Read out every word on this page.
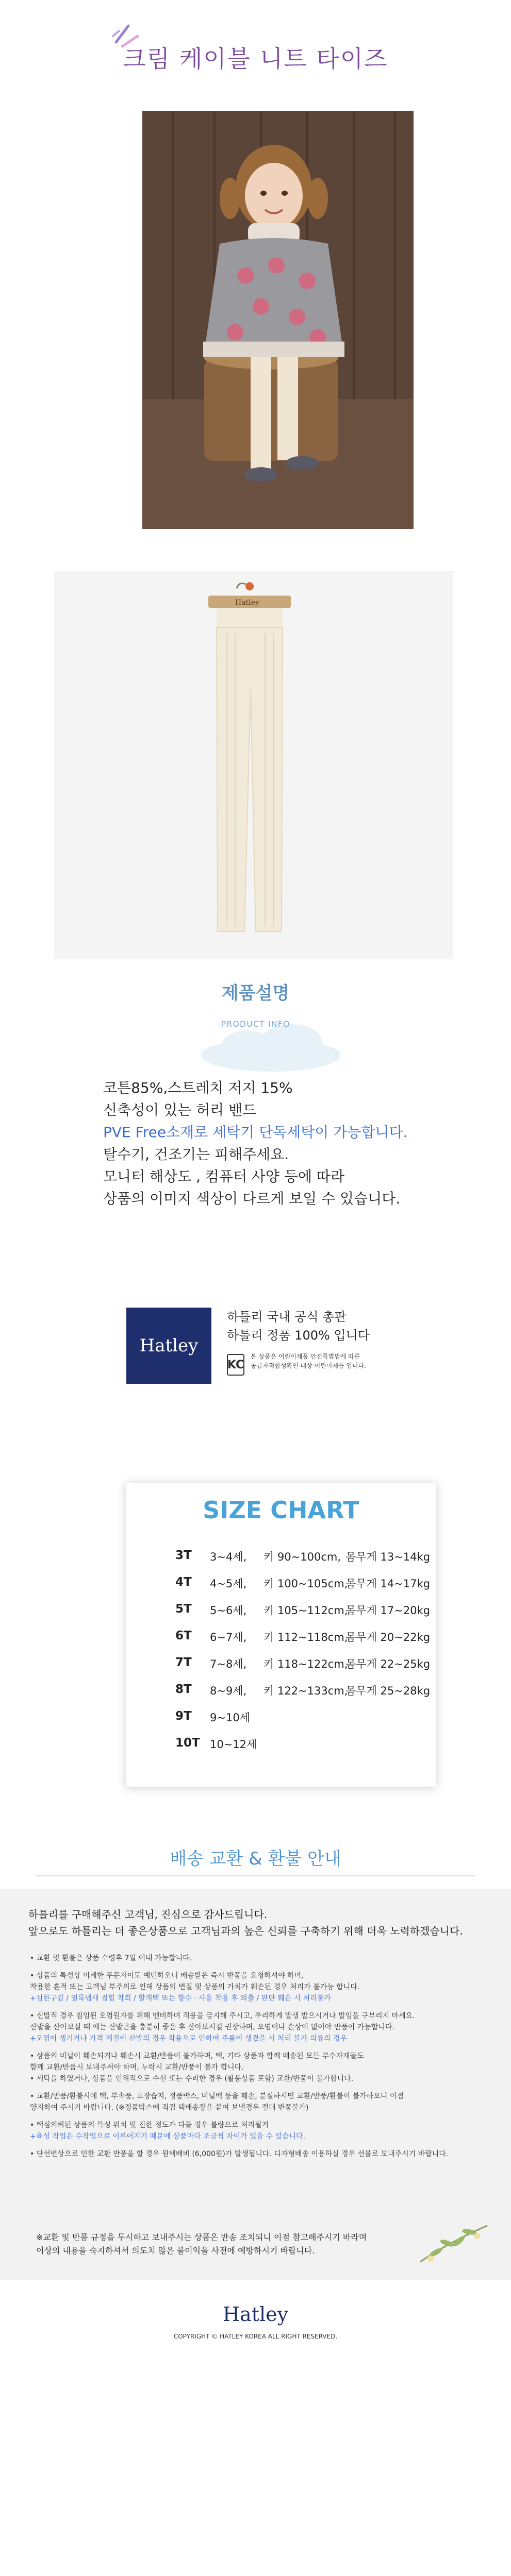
크림 케이블 니트 타이즈
Hatley
제품설명
PRODUCT INFO
코튼85%,스트레치 저지 15%
신축성이 있는 허리 밴드
PVE Free소재로 세탁기 단독세탁이 가능합니다.
탈수기, 건조기는 피해주세요.
모니터 해상도 , 컴퓨터 사양 등에 따라
상품의 이미지 색상이 다르게 보일 수 있습니다.
Hatley
하틀리 국내 공식 총판
하틀리 정품 100% 입니다
KC
본 상품은 어린이제품 안전특별법에 따른
공급자적합성확인 대상 어린이제품 입니다.
SIZE CHART
3T 3~4세, 키 90~100cm, 몸무게 13~14kg
4T 4~5세, 키 100~105cm,
몸무게 14~17kg
5T 5~6세, 키 105~112cm,
몸무게 17~20kg
6T 6~7세, 키 112~118cm,
몸무게 20~22kg
7T 7~8세, 키 118~122cm,
몸무게 22~25kg
8T 8~9세, 키 122~133cm,
몸무게 25~28kg
9T 9~10세
10T 10~12세
배송 교환 & 환불 안내
하틀리를 구매해주신 고객님, 진심으로 감사드립니다.
앞으로도 하틀리는 더 좋은상품으로 고객님과의 높은 신뢰를 구축하기 위해 더욱 노력하겠습니다.

• 교환 및 환불은 상품 수령후 7일 이내 가능합니다.

• 상품의 특성상 미세한 무문자이도 예민하오니 배송받은 즉시 반품을 요청하셔야 하며,
착용한 흔적 또는 고객님 부주의로 인해 상품의 변질 및 상품의 가치가 훼손된 경우 처리가 불가능 합니다.
+심한구김 / 얼룩냄새 접힘 착회 / 할개택 또는 향수 · 사용 착용 후 외출 / 판단 훼손 시 처리불가

• 선발적 경우 침임된 오염원자를 위해 멘비하며 적용을 금지해 주시고, 우리하게 발생 발으시거나 발임을 구부리지 마세요.
산발을 산아보실 때 예는 산발곤을 충분히 좋은 후 산아보시길 권장하며, 오염이나 손상이 없어야 반품이 가능합니다.
+오염이 생기거나 가격 제질이 산발의 경우 착용으로 인하여 주름이 생겼을 시 처리 불가 의류의 경우

• 상품의 비닐이 훼손되거나 훼손시 교환/반품이 불가하며, 택, 기타 상품과 함께 배송된 모든 부수자재들도
함께 교환/반품시 보내주셔야 하며, 누락시 교환/반품이 불가 합니다.
• 세탁을 하였거나, 상품을 인위적으로 수선 또는 수리한 경우 (활용상품 포함) 교환/반품이 불가합니다.

• 교환/반품/환불시에 택, 부속품, 포장습지, 정품박스, 비닐백 등을 훼손, 분실하시면 교환/반품/환불이 불가하오니 이점
양지하여 주시기 바랍니다. (※정품박스에 직접 택배송장을 붙여 보낼경우 절대 반품불가)

• 택심의뢰된 상품의 특성 위치 및 진한 정도가 다를 경우 불량으로 처리될거
+육성 작업은 수작업으로 이루어지기 때문에 상품마다 조금씩 차이가 있을 수 있습니다.

• 단선변상으로 인한 교환 반품을 할 경우 원택배비 (6,000원)가 발생됩니다. 디자형배송 이용하실 경우 선불로 보내주시기 바랍니다.

※교환 및 반품 규정을 무시하고 보내주시는 상품은 반송 조치되니 이점 참고해주시기 바라며
이상의 내용을 숙지하셔서 의도치 않은 불이익을 사전에 예방하시기 바랍니다.
Hatley
COPYRIGHT © HATLEY KOREA ALL RIGHT RESERVED.
